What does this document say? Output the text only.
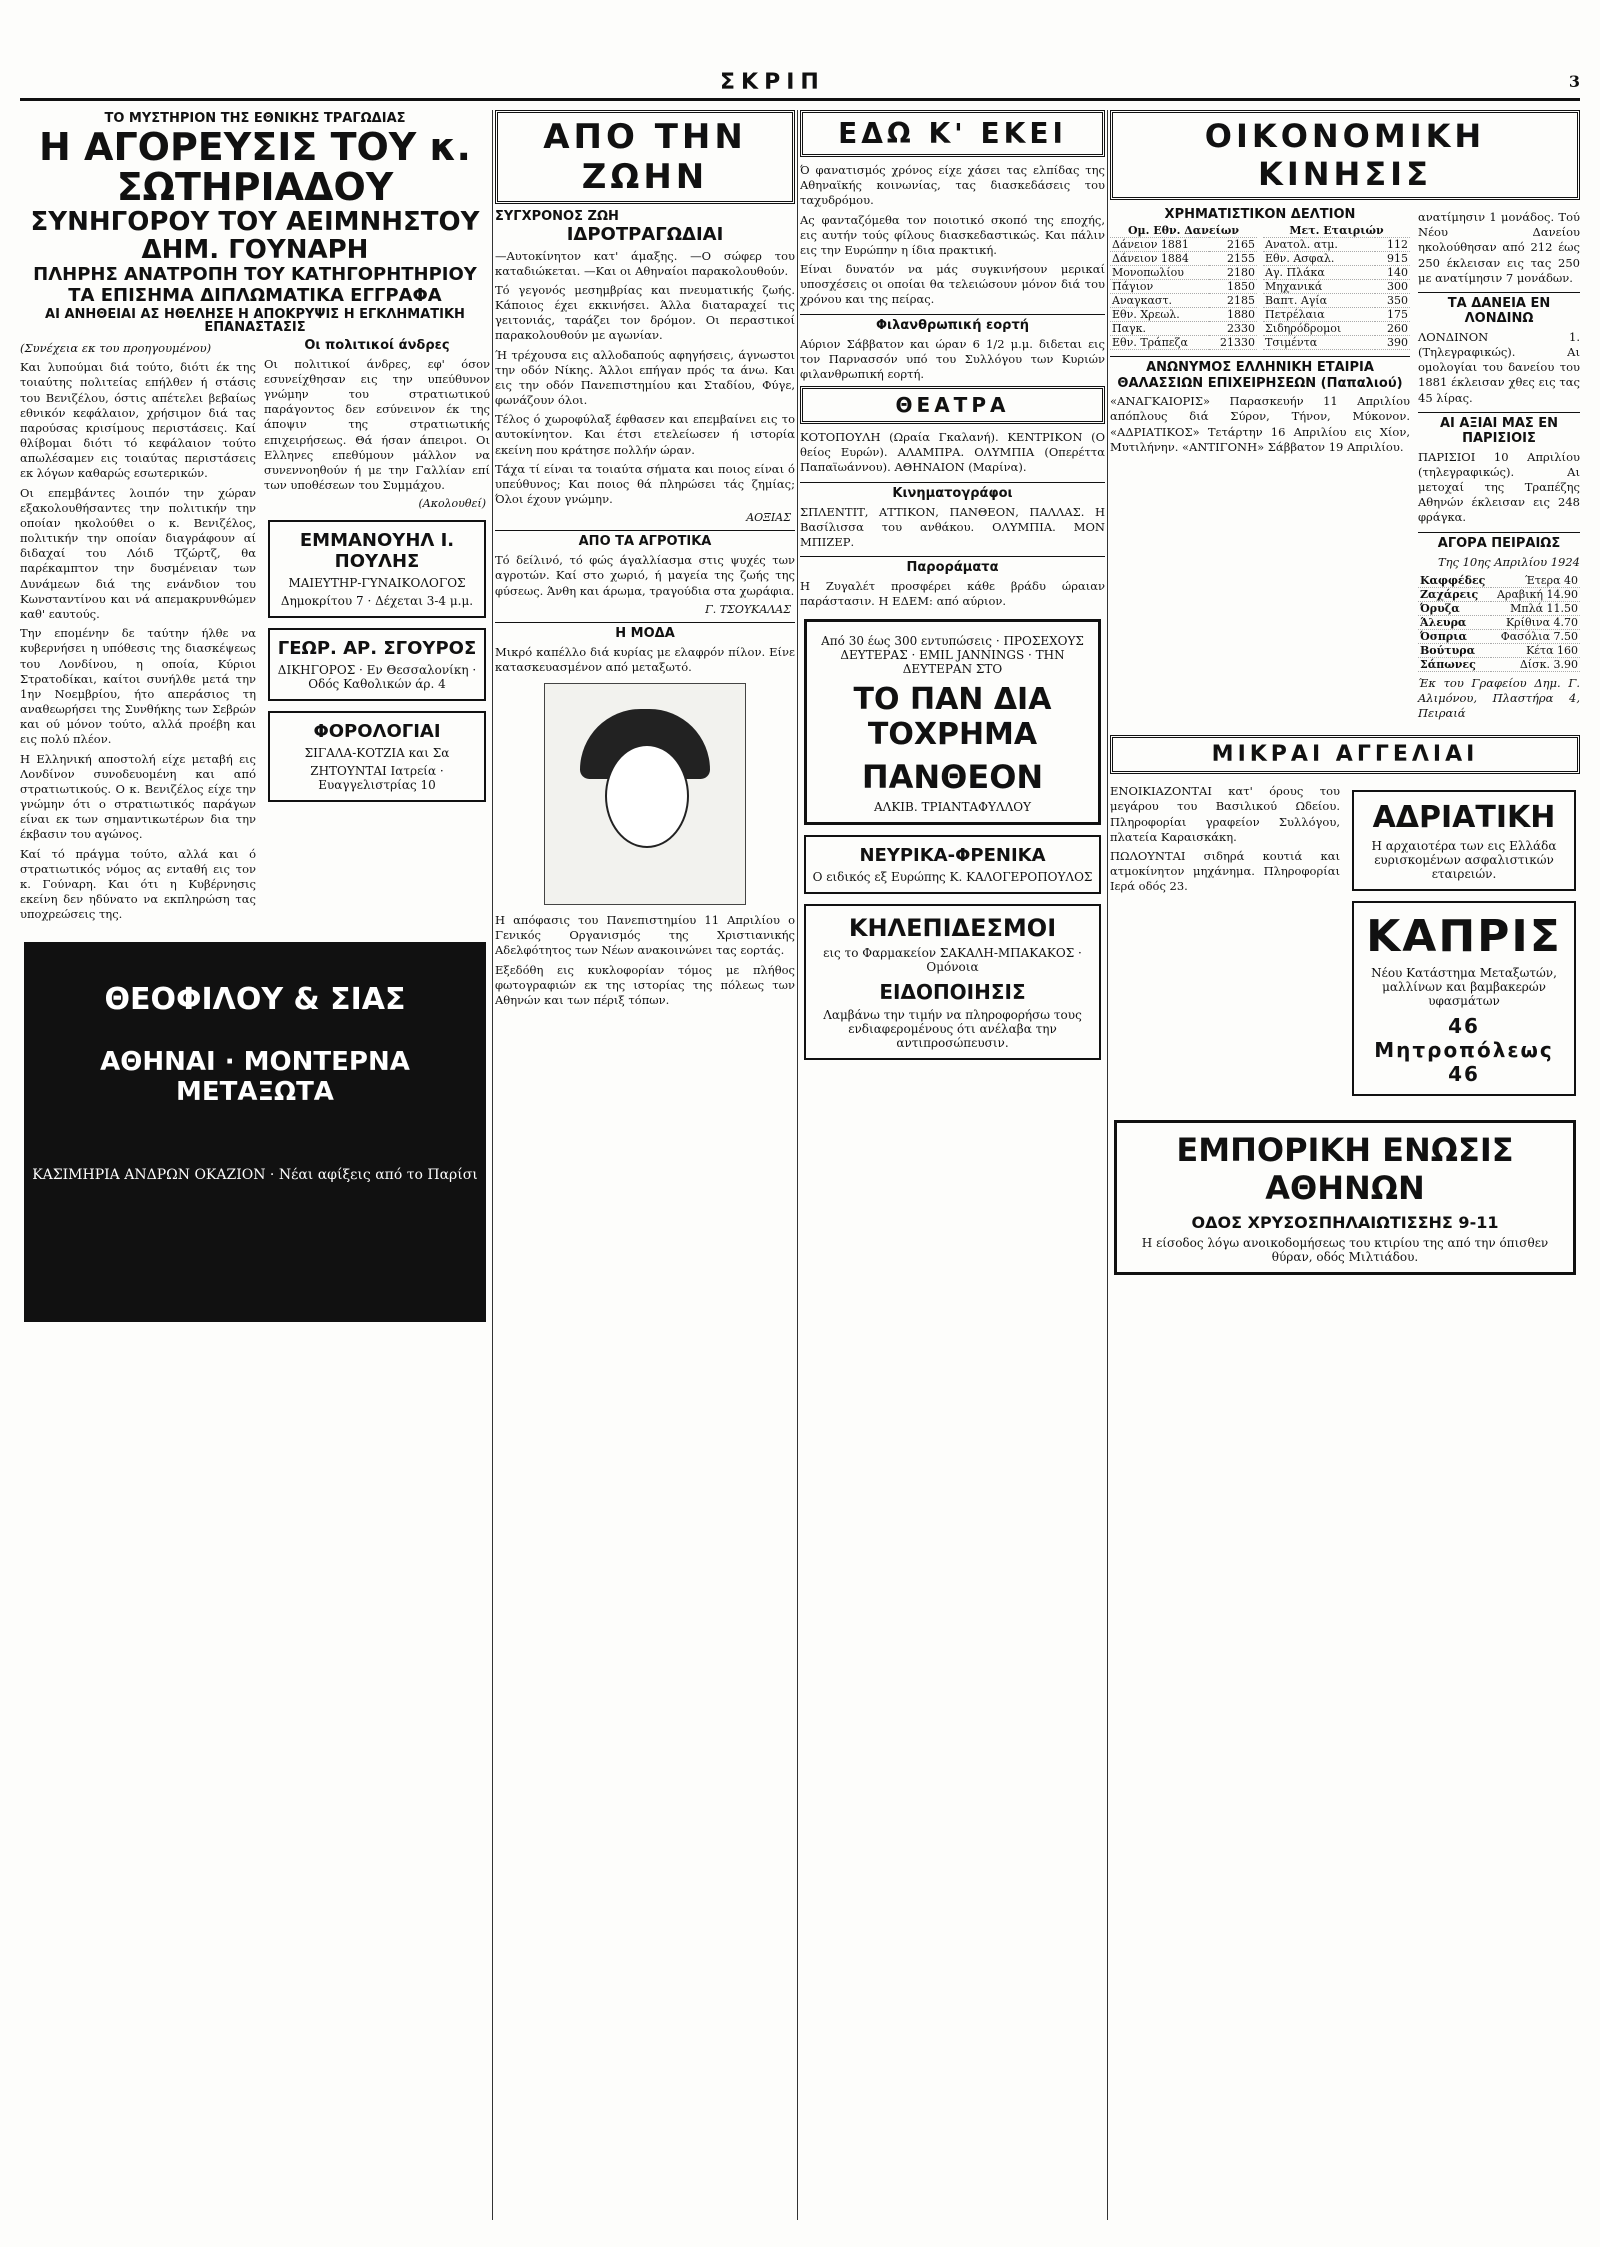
ΣΚΡΙΠ	3
ΤΟ ΜΥΣΤΗΡΙΟΝ ΤΗΣ ΕΘΝΙΚΗΣ ΤΡΑΓΩΔΙΑΣ
Η ΑΓΟΡΕΥΣΙΣ ΤΟΥ κ. ΣΩΤΗΡΙΑΔΟΥ
ΣΥΝΗΓΟΡΟΥ ΤΟΥ ΑΕΙΜΝΗΣΤΟΥ ΔΗΜ. ΓΟΥΝΑΡΗ
ΠΛΗΡΗΣ ΑΝΑΤΡΟΠΗ ΤΟΥ ΚΑΤΗΓΟΡΗΤΗΡΙΟΥ
ΤΑ ΕΠΙΣΗΜΑ ΔΙΠΛΩΜΑΤΙΚΑ ΕΓΓΡΑΦΑ
ΑΙ ΑΝΗΘΕΙΑΙ ΑΣ ΗΘΕΛΗΣΕ Η ΑΠΟΚΡΥΨΙΣ Η ΕΓΚΛΗΜΑΤΙΚΗ ΕΠΑΝΑΣΤΑΣΙΣ
(Συνέχεια εκ του προηγουμένου)
Και λυπούμαι διά τούτο, διότι έκ της τοιαύτης πολιτείας επήλθεν ή στάσις του Βενιζέλου, όστις απέτελει βεβαίως εθνικόν κεφάλαιον, χρήσιμον διά τας παρούσας κρισίμους περιστάσεις. Καί θλίβομαι διότι τό κεφάλαιον τούτο απωλέσαμεν εις τοιαύτας περιστάσεις εκ λόγων καθαρώς εσωτερικών.
Οι επεμβάντες λοιπόν την χώραν εξακολουθήσαντες την πολιτικήν την οποίαν ηκολούθει ο κ. Βενιζέλος, πολιτικήν την οποίαν διαγράφουν αί διδαχαί του Λόιδ Τζώρτζ, θα παρέκαμπτον την δυσμένειαν των Δυνάμεων διά της ενάνδιον του Κωνσταντίνου και νά απεμακρυνθώμεν καθ' εαυτούς.
Την επομένην δε ταύτην ήλθε να κυβερνήσει η υπόθεσις της διασκέψεως του Λονδίνου, η οποία, Κύριοι Στρατοδίκαι, καίτοι συνήλθε μετά την 1ην Νοεμβρίου, ήτο απεράσιος τη αναθεωρήσει της Συνθήκης των Σεβρών και ού μόνον τούτο, αλλά προέβη και εις πολύ πλέον.
Η Ελληνική αποστολή είχε μεταβή εις Λονδίνον συνοδευομένη και από στρατιωτικούς. Ο κ. Βενιζέλος είχε την γνώμην ότι ο στρατιωτικός παράγων είναι εκ των σημαντικωτέρων δια την έκβασιν του αγώνος.
Καί τό πράγμα τούτο, αλλά και ό στρατιωτικός νόμος ας ενταθή εις τον κ. Γούναρη. Και ότι η Κυβέρνησις εκείνη δεν ηδύνατο να εκπληρώση τας υποχρεώσεις της.
Οι πολιτικοί άνδρες
Οι πολιτικοί άνδρες, εφ' όσον εσυνείχθησαν εις την υπεύθυνον γνώμην του στρατιωτικού παράγοντος δεν εσύνεινον έκ της άποψιν της στρατιωτικής επιχειρήσεως. Θά ήσαν άπειροι. Οι Ελληνες επεθύμουν μάλλον να συνεννοηθούν ή με την Γαλλίαν επί των υποθέσεων του Συμμάχου.
(Ακολουθεί)
ΕΜΜΑΝΟΥΗΛ Ι. ΠΟΥΛΗΣ
ΜΑΙΕΥΤΗΡ-ΓΥΝΑΙΚΟΛΟΓΟΣ
Δημοκρίτου 7 · Δέχεται 3-4 μ.μ.
ΓΕΩΡ. ΑΡ. ΣΓΟΥΡΟΣ
ΔΙΚΗΓΟΡΟΣ · Εν Θεσσαλονίκη · Οδός Καθολικών άρ. 4
ΦΟΡΟΛΟΓΙΑΙ
ΣΙΓΑΛΑ-ΚΟΤΖΙΑ και Σα
ΖΗΤΟΥΝΤΑΙ Ιατρεία · Ευαγγελιστρίας 10
ΘΕΟΦΙΛΟΥ & ΣΙΑΣ
ΑΘΗΝΑΙ · ΜΟΝΤΕΡΝΑ ΜΕΤΑΞΩΤΑ
ΚΑΣΙΜΗΡΙΑ ΑΝΔΡΩΝ ΟΚΑΖΙΟΝ · Νέαι αφίξεις από το Παρίσι
ΑΠΟ ΤΗΝ ΖΩΗΝ
ΣΥΓΧΡΟΝΟΣ ΖΩΗ
ΙΔΡΟΤΡΑΓΩΔΙΑΙ
—Αυτοκίνητον κατ' άμαξης. —Ο σώφερ του καταδιώκεται. —Και οι Αθηναίοι παρακολουθούν.
Τό γεγονός μεσημβρίας και πνευματικής ζωής. Κάποιος έχει εκκινήσει. Άλλα διαταραχεί τις γειτονιάς, ταράζει τον δρόμον. Οι περαστικοί παρακολουθούν με αγωνίαν.
Ή τρέχουσα εις αλλοδαπούς αφηγήσεις, άγνωστοι την οδόν Νίκης. Άλλοι επήγαν πρός τα άνω. Και εις την οδόν Πανεπιστημίου και Σταδίου, Φύγε, φωνάζουν όλοι.
Τέλος ό χωροφύλαξ έφθασεν και επεμβαίνει εις το αυτοκίνητον. Και έτσι ετελείωσεν ή ιστορία εκείνη που κράτησε πολλήν ώραν.
Τάχα τί είναι τα τοιαύτα σήματα και ποιος είναι ό υπεύθυνος; Και ποιος θά πληρώσει τάς ζημίας; Όλοι έχουν γνώμην.
ΑΟΞΙΑΣ
ΑΠΟ ΤΑ ΑΓΡΟΤΙΚΑ
Τό δείλινό, τό φώς άγαλλίασμα στις ψυχές των αγροτών. Καί στο χωριό, ή μαγεία της ζωής της φύσεως. Άνθη και άρωμα, τραγούδια στα χωράφια.
Γ. ΤΣΟΥΚΑΛΑΣ
Η ΜΟΔΑ
Μικρό καπέλλο διά κυρίας με ελαφρόν πίλον. Είνε κατασκευασμένον από μεταξωτό.
Η απόφασις του Πανεπιστημίου 11 Απριλίου ο Γενικός Οργανισμός της Χριστιανικής Αδελφότητος των Νέων ανακοινώνει τας εορτάς.
Εξεδόθη εις κυκλοφορίαν τόμος με πλήθος φωτογραφιών εκ της ιστορίας της πόλεως των Αθηνών και των πέριξ τόπων.
ΕΔΩ Κ' ΕΚΕΙ
Ό φανατισμός χρόνος είχε χάσει τας ελπίδας της Αθηναϊκής κοινωνίας, τας διασκεδάσεις του ταχυδρόμου.
Ας φανταζόμεθα τον ποιοτικό σκοπό της εποχής, εις αυτήν τούς φίλους διασκεδαστικώς. Και πάλιν εις την Ευρώπην η ίδια πρακτική.
Είναι δυνατόν να μάς συγκινήσουν μερικαί υποσχέσεις οι οποίαι θα τελειώσουν μόνον διά του χρόνου και της πείρας.
Φιλανθρωπική εορτή
Αύριον Σάββατον και ώραν 6 1/2 μ.μ. διδεται εις τον Παρνασσόν υπό του Συλλόγου των Κυριών φιλανθρωπική εορτή.
ΘΕΑΤΡΑ
ΚΟΤΟΠΟΥΛΗ (Ωραία Γκαλανή). ΚΕΝΤΡΙΚΟΝ (Ο θείος Ευρών). ΑΛΑΜΠΡΑ. ΟΛΥΜΠΙΑ (Οπερέττα Παπαϊωάννου). ΑΘΗΝΑΙΟΝ (Μαρίνα).
Κινηματογράφοι
ΣΠΛΕΝΤΙΤ, ΑΤΤΙΚΟΝ, ΠΑΝΘΕΟΝ, ΠΑΛΛΑΣ. Η Βασίλισσα του ανθάκου. ΟΛΥΜΠΙΑ. ΜΟΝ ΜΠΙΖΕΡ.
Παροράματα
Η Ζυγαλέτ προσφέρει κάθε βράδυ ώραιαν παράστασιν. Η ΕΔΕΜ: από αύριον.
Από 30 έως 300 εντυπώσεις · ΠΡΟΣΕΧΟΥΣ ΔΕΥΤΕΡΑΣ · EMIL JANNINGS · ΤΗΝ ΔΕΥΤΕΡΑΝ ΣΤΟ
ΤΟ ΠΑΝ ΔΙΑ ΤΟΧΡΗΜΑ
ΠΑΝΘΕΟΝ
ΑΛΚΙΒ. ΤΡΙΑΝΤΑΦΥΛΛΟΥ
ΝΕΥΡΙΚΑ-ΦΡΕΝΙΚΑ
Ο ειδικός εξ Ευρώπης Κ. ΚΑΛΟΓΕΡΟΠΟΥΛΟΣ
ΚΗΛΕΠΙΔΕΣΜΟΙ
εις το Φαρμακείον ΣΑΚΑΛΗ-ΜΠΑΚΑΚΟΣ · Ομόνοια
ΕΙΔΟΠΟΙΗΣΙΣ
Λαμβάνω την τιμήν να πληροφορήσω τους ενδιαφερομένους ότι ανέλαβα την αντιπροσώπευσιν.
ΟΙΚΟΝΟΜΙΚΗ ΚΙΝΗΣΙΣ
ΧΡΗΜΑΤΙΣΤΙΚΟΝ ΔΕΛΤΙΟΝ
Ομ. Εθν. Δανείων	
Δάνειον 1881	2165
Δάνειον 1884	2155
Μονοπωλίου	2180
Πάγιον	1850
Αναγκαστ.	2185
Εθν. Χρεωλ.	1880
Παγκ.	2330
Εθν. Τράπεζα	21330
Μετ. Εταιριών	
Ανατολ. ατμ.	112
Εθν. Ασφαλ.	915
Αγ. Πλάκα	140
Μηχανικά	300
Βαπτ. Αγία	350
Πετρέλαια	175
Σιδηρόδρομοι	260
Τσιμέντα	390
ΑΝΩΝΥΜΟΣ ΕΛΛΗΝΙΚΗ ΕΤΑΙΡΙΑ
ΘΑΛΑΣΣΙΩΝ ΕΠΙΧΕΙΡΗΣΕΩΝ (Παπαλιού)
«ΑΝΑΓΚΑΙΟΡΙΣ» Παρασκευήν 11 Απριλίου απόπλους διά Σύρον, Τήνον, Μύκονον. «ΑΔΡΙΑΤΙΚΟΣ» Τετάρτην 16 Απριλίου εις Χίον, Μυτιλήνην. «ΑΝΤΙΓΟΝΗ» Σάββατον 19 Απριλίου.
ανατίμησιν 1 μονάδος. Τού Νέου Δανείου ηκολούθησαν από 212 έως 250 έκλεισαν εις τας 250 με ανατίμησιν 7 μονάδων.
ΤΑ ΔΑΝΕΙΑ ΕΝ ΛΟΝΔΙΝΩ
ΛΟΝΔΙΝΟΝ 1. (Τηλεγραφικώς). Αι ομολογίαι του δανείου του 1881 έκλεισαν χθες εις τας 45 λίρας.
ΑΙ ΑΞΙΑΙ ΜΑΣ ΕΝ ΠΑΡΙΣΙΟΙΣ
ΠΑΡΙΣΙΟΙ 10 Απριλίου (τηλεγραφικώς). Αι μετοχαί της Τραπέζης Αθηνών έκλεισαν εις 248 φράγκα.
ΑΓΟΡΑ ΠΕΙΡΑΙΩΣ
Της 10ης Απριλίου 1924
Καφφέδες	Έτερα 40
Ζαχάρεις	Αραβική 14.90
Όρυζα	Μπλά 11.50
Άλευρα	Κρίθινα 4.70
Όσπρια	Φασόλια 7.50
Βούτυρα	Κέτα 160
Σάπωνες	Δίσκ. 3.90
Έκ του Γραφείου Δημ. Γ. Αλιμόνου, Πλαστήρα 4, Πειραιά
ΜΙΚΡΑΙ ΑΓΓΕΛΙΑΙ
ΕΝΟΙΚΙΑΖΟΝΤΑΙ κατ' όρους του μεγάρου του Βασιλικού Ωδείου. Πληροφορίαι γραφείον Συλλόγου, πλατεία Καραισκάκη.
ΠΩΛΟΥΝΤΑΙ σιδηρά κουτιά και ατμοκίνητον μηχάνημα. Πληροφορίαι Ιερά οδός 23.
ΑΔΡΙΑΤΙΚΗ
Η αρχαιοτέρα των εις Ελλάδα ευρισκομένων ασφαλιστικών εταιρειών.
ΚΑΠΡΙΣ
Νέου Κατάστημα Μεταξωτών, μαλλίνων και βαμβακερών υφασμάτων
46 Μητροπόλεως 46
ΕΜΠΟΡΙΚΗ ΕΝΩΣΙΣ ΑΘΗΝΩΝ
ΟΔΟΣ ΧΡΥΣΟΣΠΗΛΑΙΩΤΙΣΣΗΣ 9-11
Η είσοδος λόγω ανοικοδομήσεως του κτιρίου της από την όπισθεν θύραν, οδός Μιλτιάδου.
